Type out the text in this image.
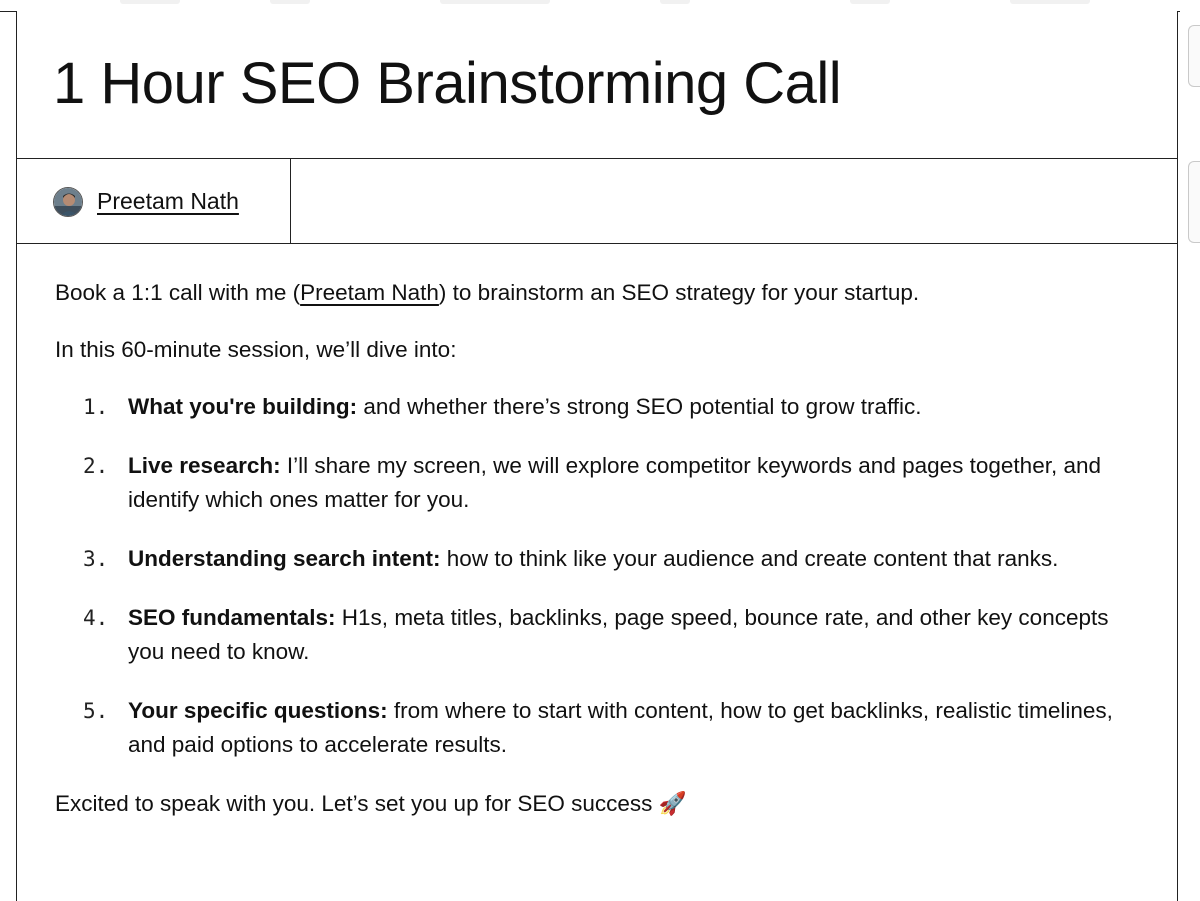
1 Hour SEO Brainstorming Call
Preetam Nath

Book a 1:1 call with me (Preetam Nath) to brainstorm an SEO strategy for your startup.

In this 60-minute session, we’ll dive into:

1. What you're building: and whether there’s strong SEO potential to grow traffic.
2. Live research: I’ll share my screen, we will explore competitor keywords and pages together, and identify which ones matter for you.
3. Understanding search intent: how to think like your audience and create content that ranks.
4. SEO fundamentals: H1s, meta titles, backlinks, page speed, bounce rate, and other key concepts you need to know.
5. Your specific questions: from where to start with content, how to get backlinks, realistic timelines, and paid options to accelerate results.

Excited to speak with you. Let’s set you up for SEO success 🚀
